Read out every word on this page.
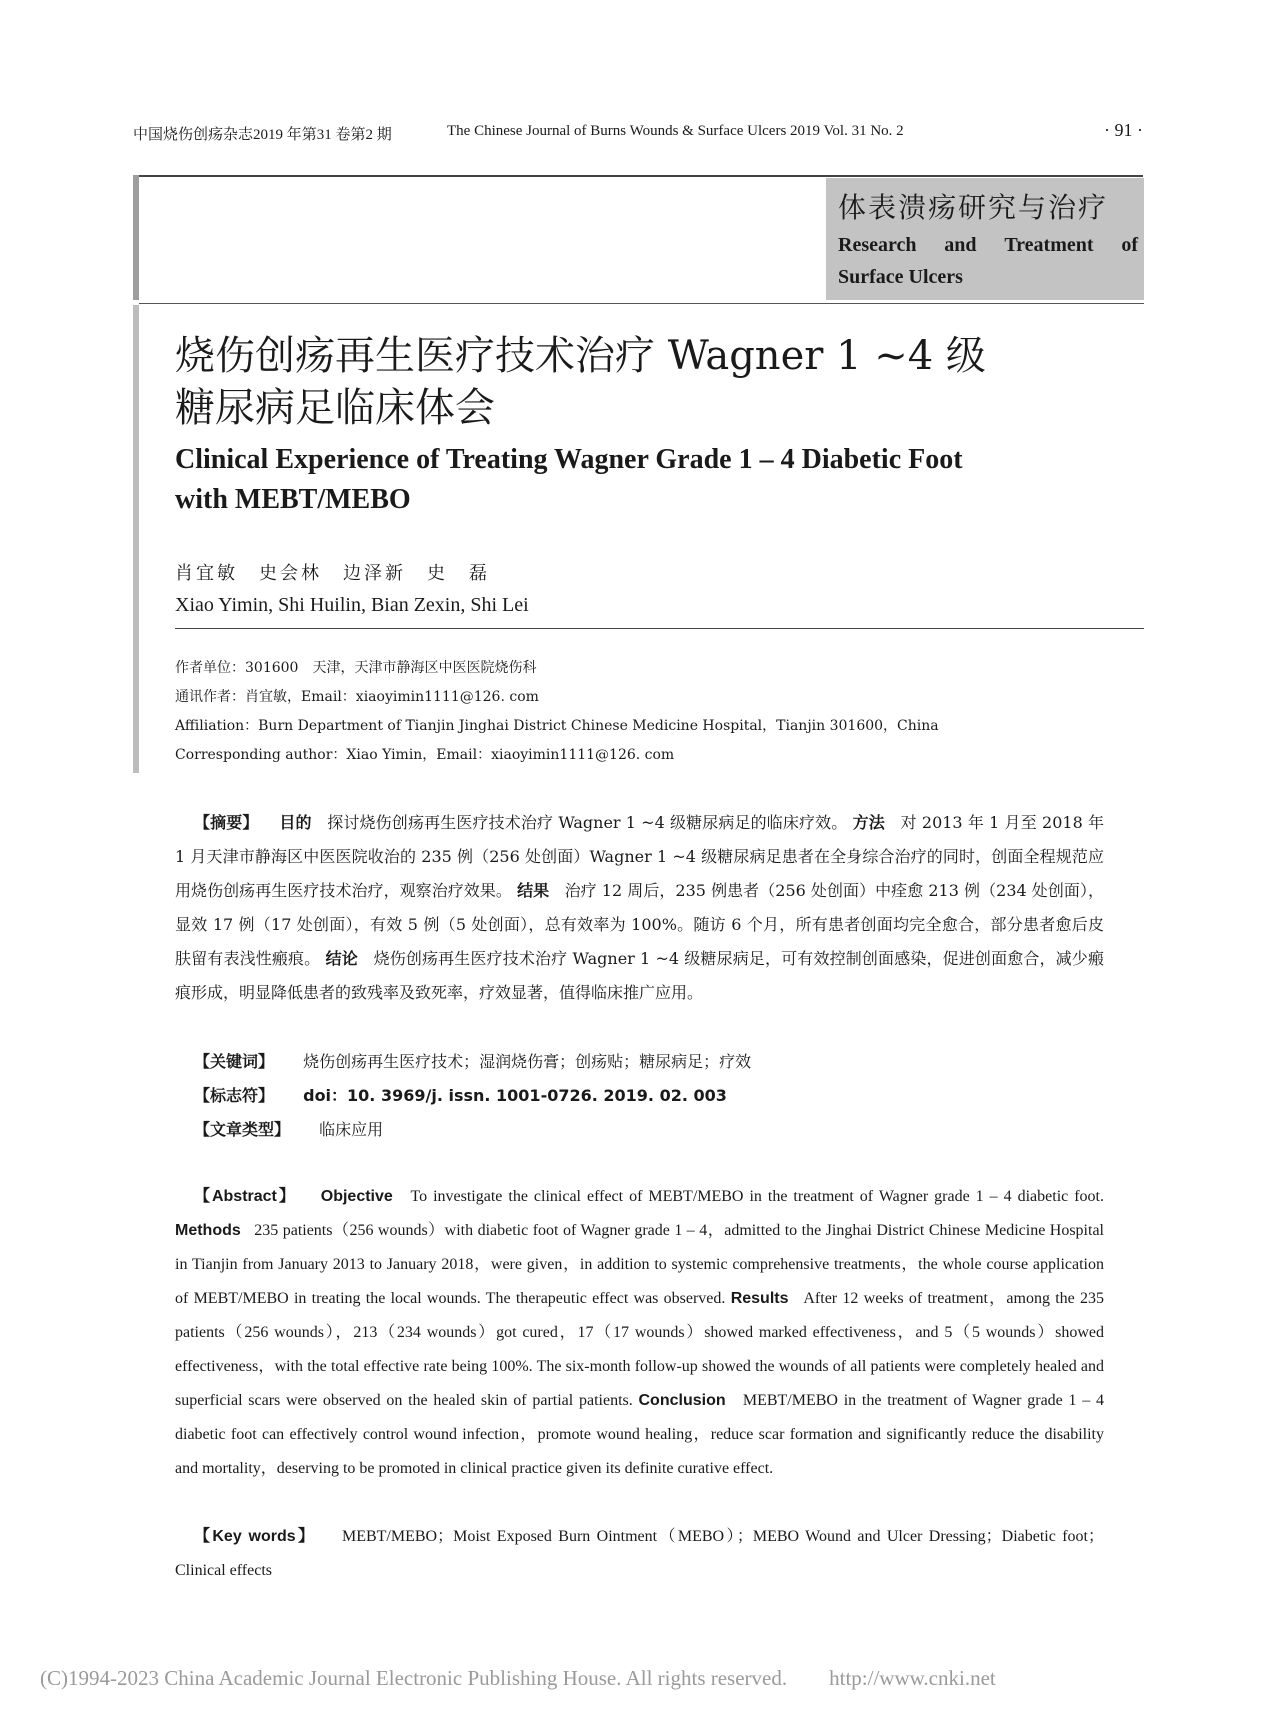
中国烧伤创疡杂志2019 年第31 卷第2 期	The Chinese Journal of Burns Wounds & Surface Ulcers 2019 Vol. 31 No. 2	· 91 ·
体表溃疡研究与治疗
Research and Treatment of
Surface Ulcers
烧伤创疡再生医疗技术治疗 Wagner 1 ~4 级
糖尿病足临床体会
Clinical Experience of Treating Wagner Grade 1 – 4 Diabetic Foot
with MEBT/MEBO
肖宜敏　史会林　边泽新　史　磊
Xiao Yimin, Shi Huilin, Bian Zexin, Shi Lei
作者单位：301600　天津，天津市静海区中医医院烧伤科
通讯作者：肖宜敏，Email：xiaoyimin1111@126. com
Affiliation：Burn Department of Tianjin Jinghai District Chinese Medicine Hospital，Tianjin 301600，China
Corresponding author：Xiao Yimin，Email：xiaoyimin1111@126. com
【摘要】 目的 探讨烧伤创疡再生医疗技术治疗 Wagner 1 ~4 级糖尿病足的临床疗效。 方法 对 2013 年 1 月至 2018 年 1 月天津市静海区中医医院收治的 235 例（256 处创面）Wagner 1 ~4 级糖尿病足患者在全身综合治疗的同时，创面全程规范应用烧伤创疡再生医疗技术治疗，观察治疗效果。 结果 治疗 12 周后，235 例患者（256 处创面）中痊愈 213 例（234 处创面），显效 17 例（17 处创面），有效 5 例（5 处创面），总有效率为 100%。随访 6 个月，所有患者创面均完全愈合，部分患者愈后皮肤留有表浅性瘢痕。 结论 烧伤创疡再生医疗技术治疗 Wagner 1 ~4 级糖尿病足，可有效控制创面感染，促进创面愈合，减少瘢痕形成，明显降低患者的致残率及致死率，疗效显著，值得临床推广应用。
【关键词】 烧伤创疡再生医疗技术；湿润烧伤膏；创疡贴；糖尿病足；疗效
【标志符】 doi：10. 3969/j. issn. 1001-0726. 2019. 02. 003
【文章类型】 临床应用
【Abstract】 Objective To investigate the clinical effect of MEBT/MEBO in the treatment of Wagner grade 1 – 4 diabetic foot. Methods 235 patients（256 wounds）with diabetic foot of Wagner grade 1 – 4，admitted to the Jinghai District Chinese Medicine Hospital in Tianjin from January 2013 to January 2018，were given，in addition to systemic comprehensive treatments，the whole course application of MEBT/MEBO in treating the local wounds. The therapeutic effect was observed. Results After 12 weeks of treatment，among the 235 patients（256 wounds），213（234 wounds）got cured，17（17 wounds）showed marked effectiveness，and 5（5 wounds）showed effectiveness，with the total effective rate being 100%. The six-month follow-up showed the wounds of all patients were completely healed and superficial scars were observed on the healed skin of partial patients. Conclusion MEBT/MEBO in the treatment of Wagner grade 1 – 4 diabetic foot can effectively control wound infection，promote wound healing，reduce scar formation and significantly reduce the disability and mortality，deserving to be promoted in clinical practice given its definite curative effect.
【Key words】 MEBT/MEBO；Moist Exposed Burn Ointment（MEBO）；MEBO Wound and Ulcer Dressing；Diabetic foot；Clinical effects
(C)1994-2023 China Academic Journal Electronic Publishing House. All rights reserved.　　http://www.cnki.net
